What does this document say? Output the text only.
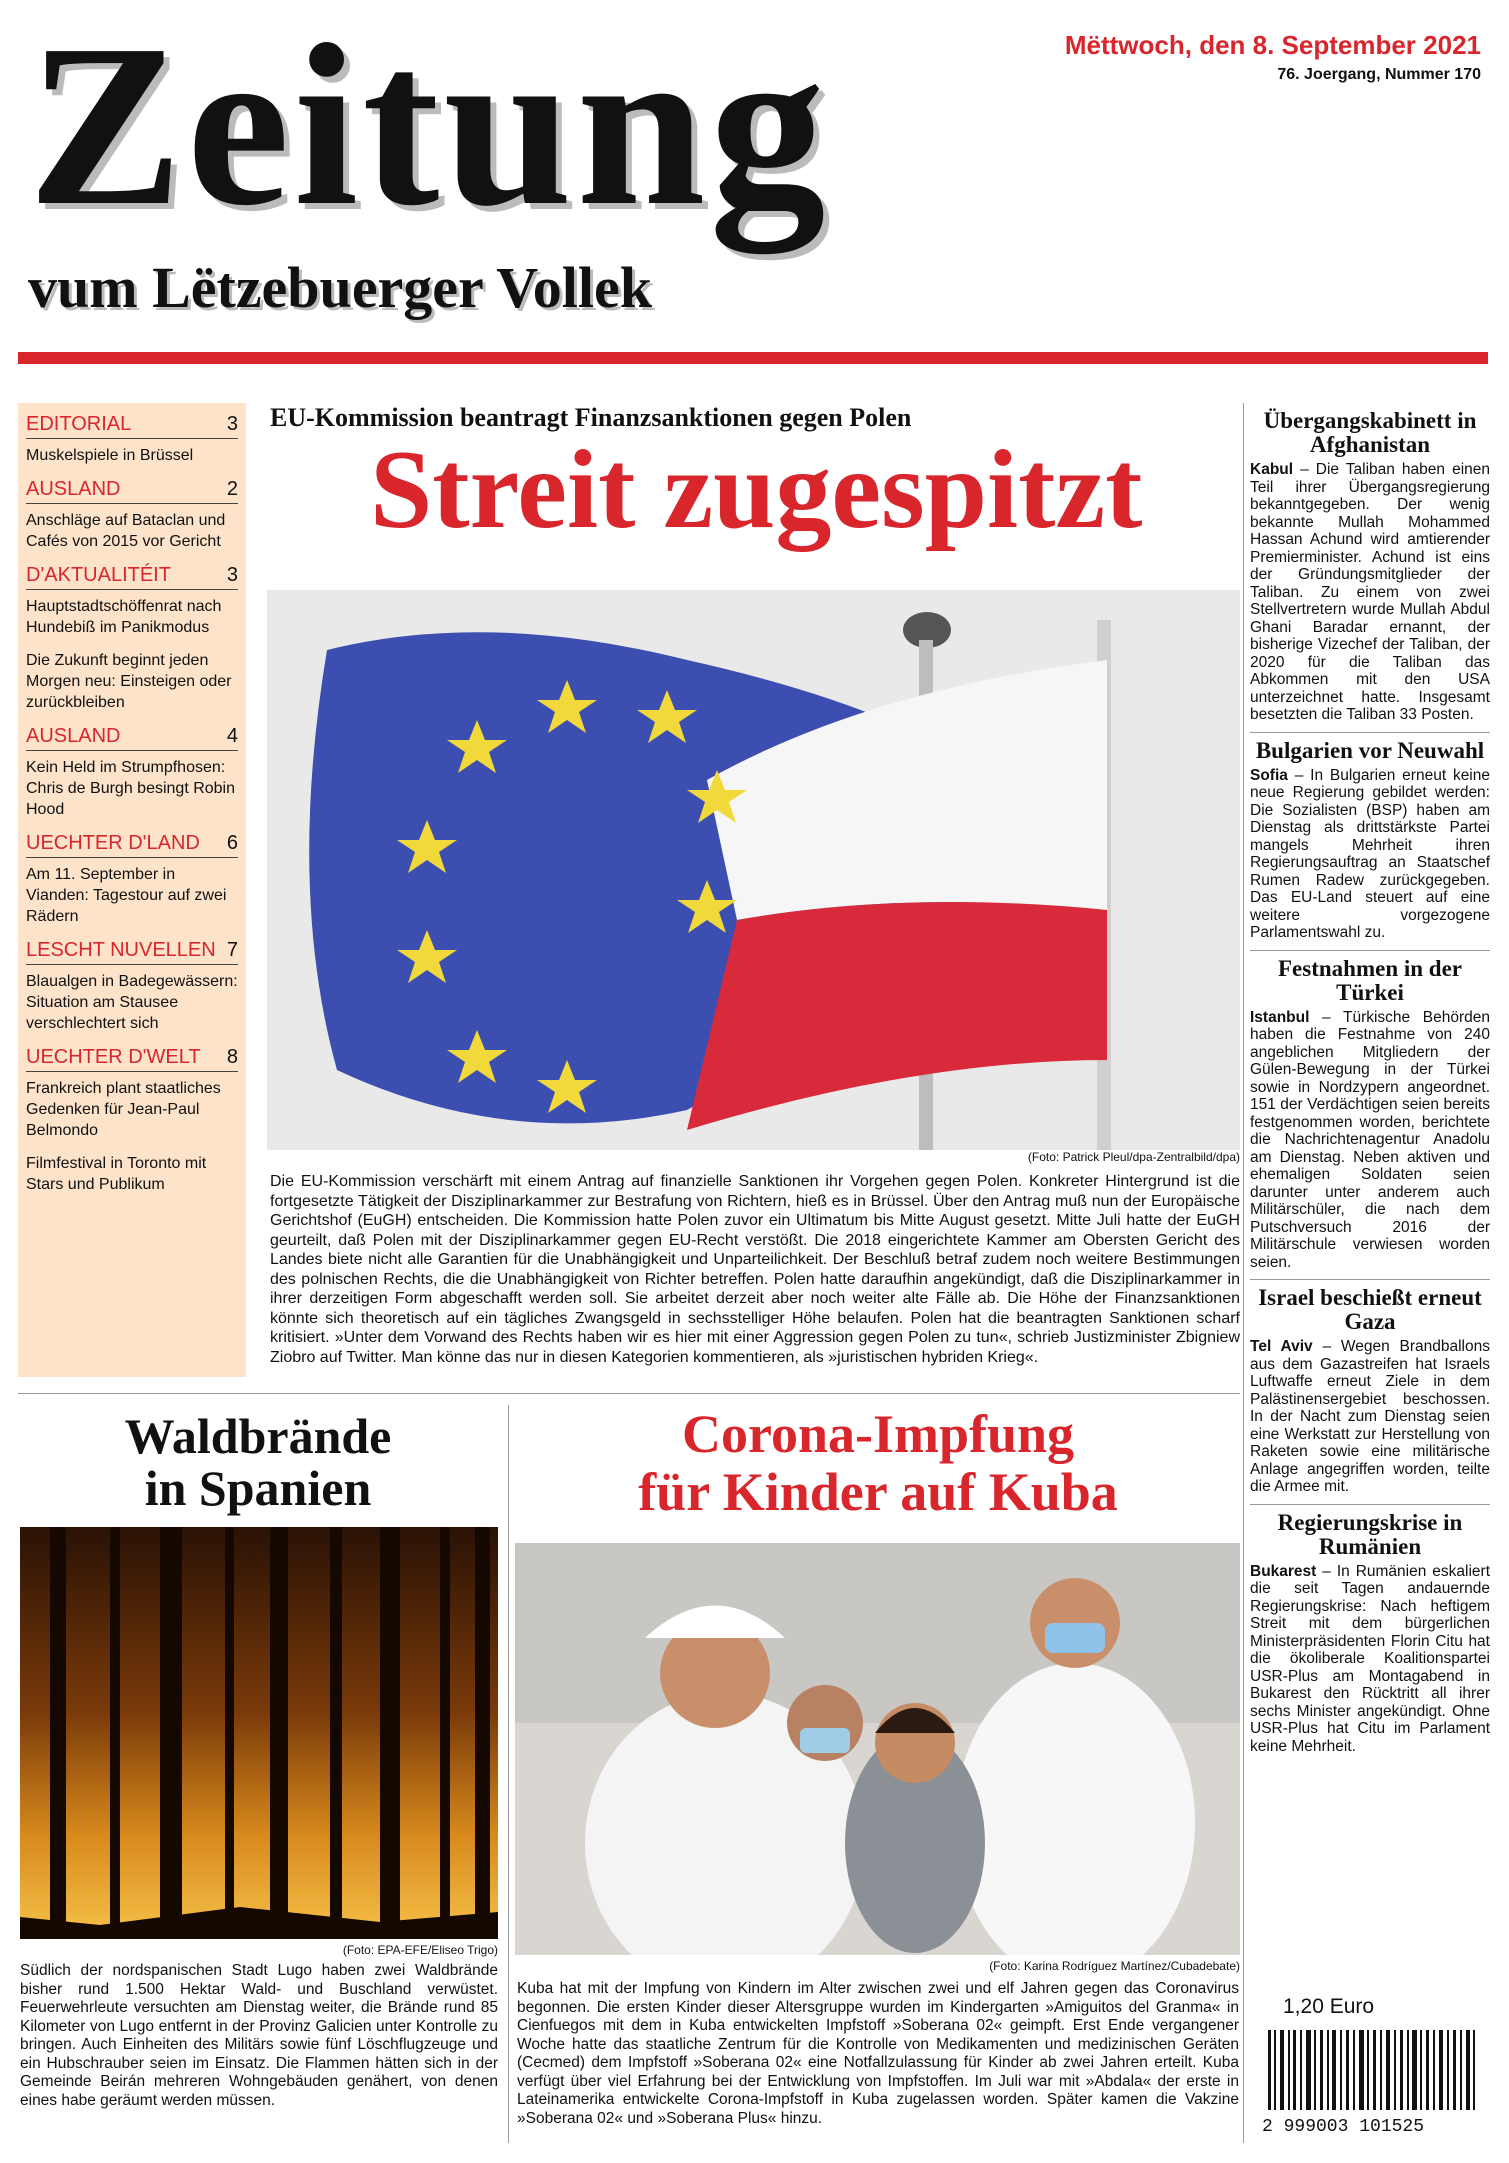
Zeitung
vum Lëtzebuerger Vollek
Mëttwoch, den 8. September 2021
76. Joergang, Nummer 170
EDITORIAL	3
Muskelspiele in Brüssel
AUSLAND	2
Anschläge auf Bataclan und Cafés von 2015 vor Gericht
D'AKTUALITÉIT	3
Hauptstadtschöffenrat nach Hundebiß im Panikmodus
Die Zukunft beginnt jeden Morgen neu: Einsteigen oder zurückbleiben
AUSLAND	4
Kein Held im Strumpfhosen: Chris de Burgh besingt Robin Hood
UECHTER D'LAND 6
Am 11. September in Vianden: Tagestour auf zwei Rädern
LESCHT NUVELLEN 7
Blaualgen in Badegewässern: Situation am Stausee verschlechtert sich
UECHTER D'WELT 8
Frankreich plant staatliches Gedenken für Jean-Paul Belmondo
Filmfestival in Toronto mit Stars und Publikum
EU-Kommission beantragt Finanzsanktionen gegen Polen
Streit zugespitzt
(Foto: Patrick Pleul/dpa-Zentralbild/dpa)
Die EU-Kommission verschärft mit einem Antrag auf finanzielle Sanktionen ihr Vorgehen gegen Polen. Konkreter Hintergrund ist die fortgesetzte Tätigkeit der Disziplinarkammer zur Bestrafung von Richtern, hieß es in Brüssel. Über den Antrag muß nun der Europäische Gerichtshof (EuGH) entscheiden. Die Kommission hatte Polen zuvor ein Ultimatum bis Mitte August gesetzt. Mitte Juli hatte der EuGH geurteilt, daß Polen mit der Disziplinarkammer gegen EU-Recht verstößt. Die 2018 eingerichtete Kammer am Obersten Gericht des Landes biete nicht alle Garantien für die Unabhängigkeit und Unparteilichkeit. Der Beschluß betraf zudem noch weitere Bestimmungen des polnischen Rechts, die die Unabhängigkeit von Richter betreffen. Polen hatte daraufhin angekündigt, daß die Disziplinarkammer in ihrer derzeitigen Form abgeschafft werden soll. Sie arbeitet derzeit aber noch weiter alte Fälle ab. Die Höhe der Finanzsanktionen könnte sich theoretisch auf ein tägliches Zwangsgeld in sechsstelliger Höhe belaufen. Polen hat die beantragten Sanktionen scharf kritisiert. »Unter dem Vorwand des Rechts haben wir es hier mit einer Aggression gegen Polen zu tun«, schrieb Justizminister Zbigniew Ziobro auf Twitter. Man könne das nur in diesen Kategorien kommentieren, als »juristischen hybriden Krieg«.
Übergangskabinett in Afghanistan

Kabul – Die Taliban haben einen Teil ihrer Übergangsregierung bekanntgegeben. Der wenig bekannte Mullah Mohammed Hassan Achund wird amtierender Premierminister. Achund ist eins der Gründungsmitglieder der Taliban. Zu einem von zwei Stellvertretern wurde Mullah Abdul Ghani Baradar ernannt, der bisherige Vizechef der Taliban, der 2020 für die Taliban das Abkommen mit den USA unterzeichnet hatte. Insgesamt besetzten die Taliban 33 Posten.

Bulgarien vor Neuwahl

Sofia – In Bulgarien erneut keine neue Regierung gebildet werden: Die Sozialisten (BSP) haben am Dienstag als drittstärkste Partei mangels Mehrheit ihren Regierungsauftrag an Staatschef Rumen Radew zurückgegeben. Das EU-Land steuert auf eine weitere vorgezogene Parlamentswahl zu.

Festnahmen in der Türkei

Istanbul – Türkische Behörden haben die Festnahme von 240 angeblichen Mitgliedern der Gülen-Bewegung in der Türkei sowie in Nordzypern angeordnet. 151 der Verdächtigen seien bereits festgenommen worden, berichtete die Nachrichtenagentur Anadolu am Dienstag. Neben aktiven und ehemaligen Soldaten seien darunter unter anderem auch Militärschüler, die nach dem Putschversuch 2016 der Militärschule verwiesen worden seien.

Israel beschießt erneut Gaza

Tel Aviv – Wegen Brandballons aus dem Gazastreifen hat Israels Luftwaffe erneut Ziele in dem Palästinensergebiet beschossen. In der Nacht zum Dienstag seien eine Werkstatt zur Herstellung von Raketen sowie eine militärische Anlage angegriffen worden, teilte die Armee mit.

Regierungskrise in Rumänien

Bukarest – In Rumänien eskaliert die seit Tagen andauernde Regierungskrise: Nach heftigem Streit mit dem bürgerlichen Ministerpräsidenten Florin Citu hat die ökoliberale Koalitionspartei USR-Plus am Montagabend in Bukarest den Rücktritt all ihrer sechs Minister angekündigt. Ohne USR-Plus hat Citu im Parlament keine Mehrheit.

1,20 Euro
2 999003 101525
Waldbrände
in Spanien
(Foto: EPA-EFE/Eliseo Trigo)
Südlich der nordspanischen Stadt Lugo haben zwei Waldbrände bisher rund 1.500 Hektar Wald- und Buschland verwüstet. Feuerwehrleute versuchten am Dienstag weiter, die Brände rund 85 Kilometer von Lugo entfernt in der Provinz Galicien unter Kontrolle zu bringen. Auch Einheiten des Militärs sowie fünf Löschflugzeuge und ein Hubschrauber seien im Einsatz. Die Flammen hätten sich in der Gemeinde Beirán mehreren Wohngebäuden genähert, von denen eines habe geräumt werden müssen.
Corona-Impfung
für Kinder auf Kuba
(Foto: Karina Rodríguez Martínez/Cubadebate)
Kuba hat mit der Impfung von Kindern im Alter zwischen zwei und elf Jahren gegen das Coronavirus begonnen. Die ersten Kinder dieser Altersgruppe wurden im Kindergarten »Amiguitos del Granma« in Cienfuegos mit dem in Kuba entwickelten Impfstoff »Soberana 02« geimpft. Erst Ende vergangener Woche hatte das staatliche Zentrum für die Kontrolle von Medikamenten und medizinischen Geräten (Cecmed) dem Impfstoff »Soberana 02« eine Notfallzulassung für Kinder ab zwei Jahren erteilt. Kuba verfügt über viel Erfahrung bei der Entwicklung von Impfstoffen. Im Juli war mit »Abdala« der erste in Lateinamerika entwickelte Corona-Impfstoff in Kuba zugelassen worden. Später kamen die Vakzine »Soberana 02« und »Soberana Plus« hinzu.
